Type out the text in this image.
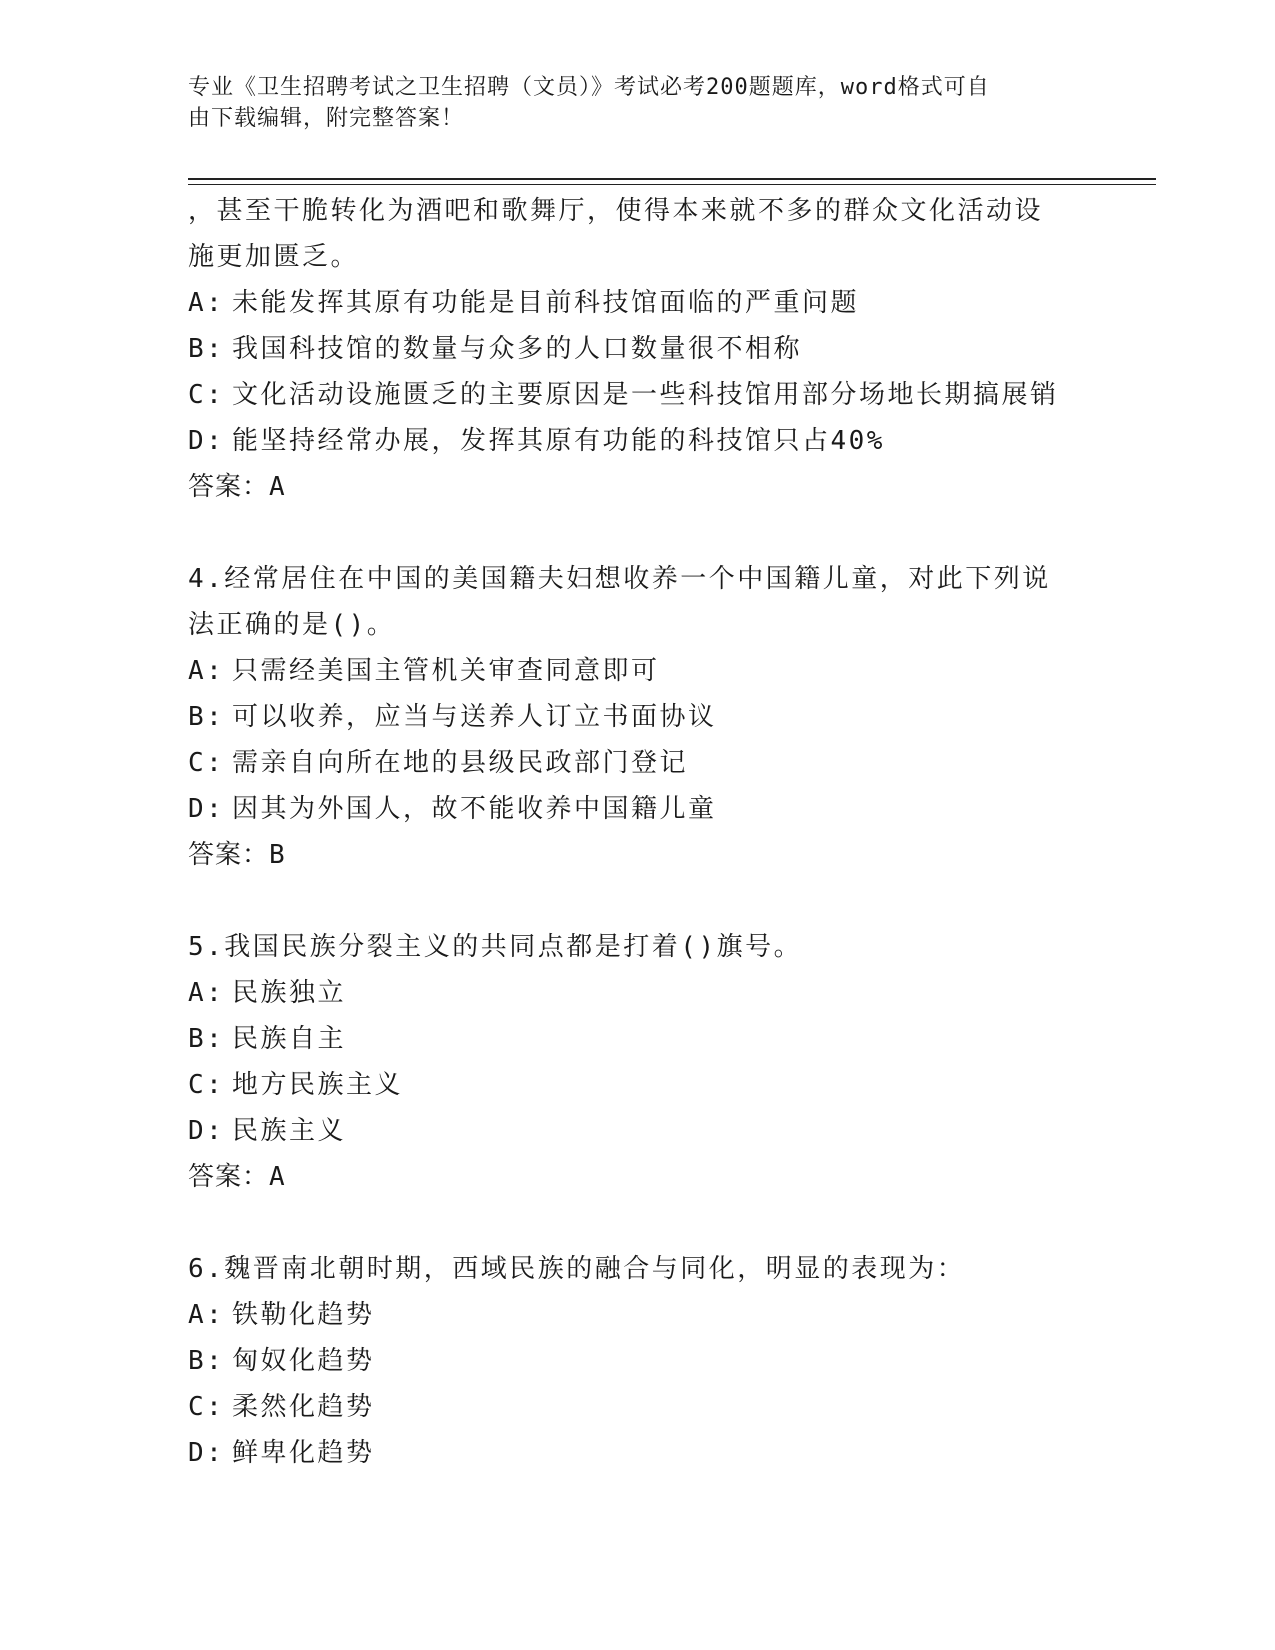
专业《卫生招聘考试之卫生招聘（文员）》考试必考200题题库，word格式可自
由下载编辑，附完整答案！
，甚至干脆转化为酒吧和歌舞厅，使得本来就不多的群众文化活动设
施更加匮乏。
A: 未能发挥其原有功能是目前科技馆面临的严重问题
B: 我国科技馆的数量与众多的人口数量很不相称
C: 文化活动设施匮乏的主要原因是一些科技馆用部分场地长期搞展销
D: 能坚持经常办展，发挥其原有功能的科技馆只占40%
答案：A
4.经常居住在中国的美国籍夫妇想收养一个中国籍儿童，对此下列说
法正确的是()。
A: 只需经美国主管机关审查同意即可
B: 可以收养，应当与送养人订立书面协议
C: 需亲自向所在地的县级民政部门登记
D: 因其为外国人，故不能收养中国籍儿童
答案：B
5.我国民族分裂主义的共同点都是打着()旗号。
A: 民族独立
B: 民族自主
C: 地方民族主义
D: 民族主义
答案：A
6.魏晋南北朝时期，西域民族的融合与同化，明显的表现为：
A: 铁勒化趋势
B: 匈奴化趋势
C: 柔然化趋势
D: 鲜卑化趋势
